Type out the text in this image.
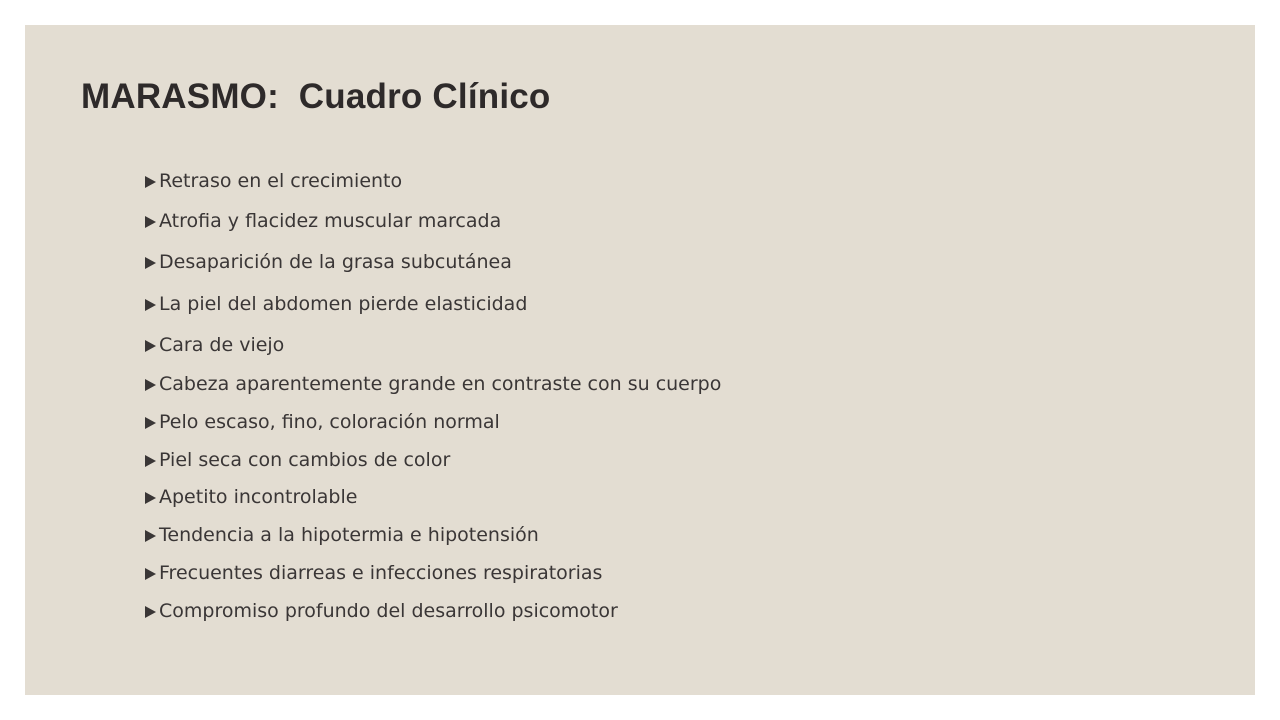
MARASMO:  Cuadro Clínico
Retraso en el crecimiento
Atrofia y flacidez muscular marcada
Desaparición de la grasa subcutánea
La piel del abdomen pierde elasticidad
Cara de viejo
Cabeza aparentemente grande en contraste con su cuerpo
Pelo escaso, fino, coloración normal
Piel seca con cambios de color
Apetito incontrolable
Tendencia a la hipotermia e hipotensión
Frecuentes diarreas e infecciones respiratorias
Compromiso profundo del desarrollo psicomotor
